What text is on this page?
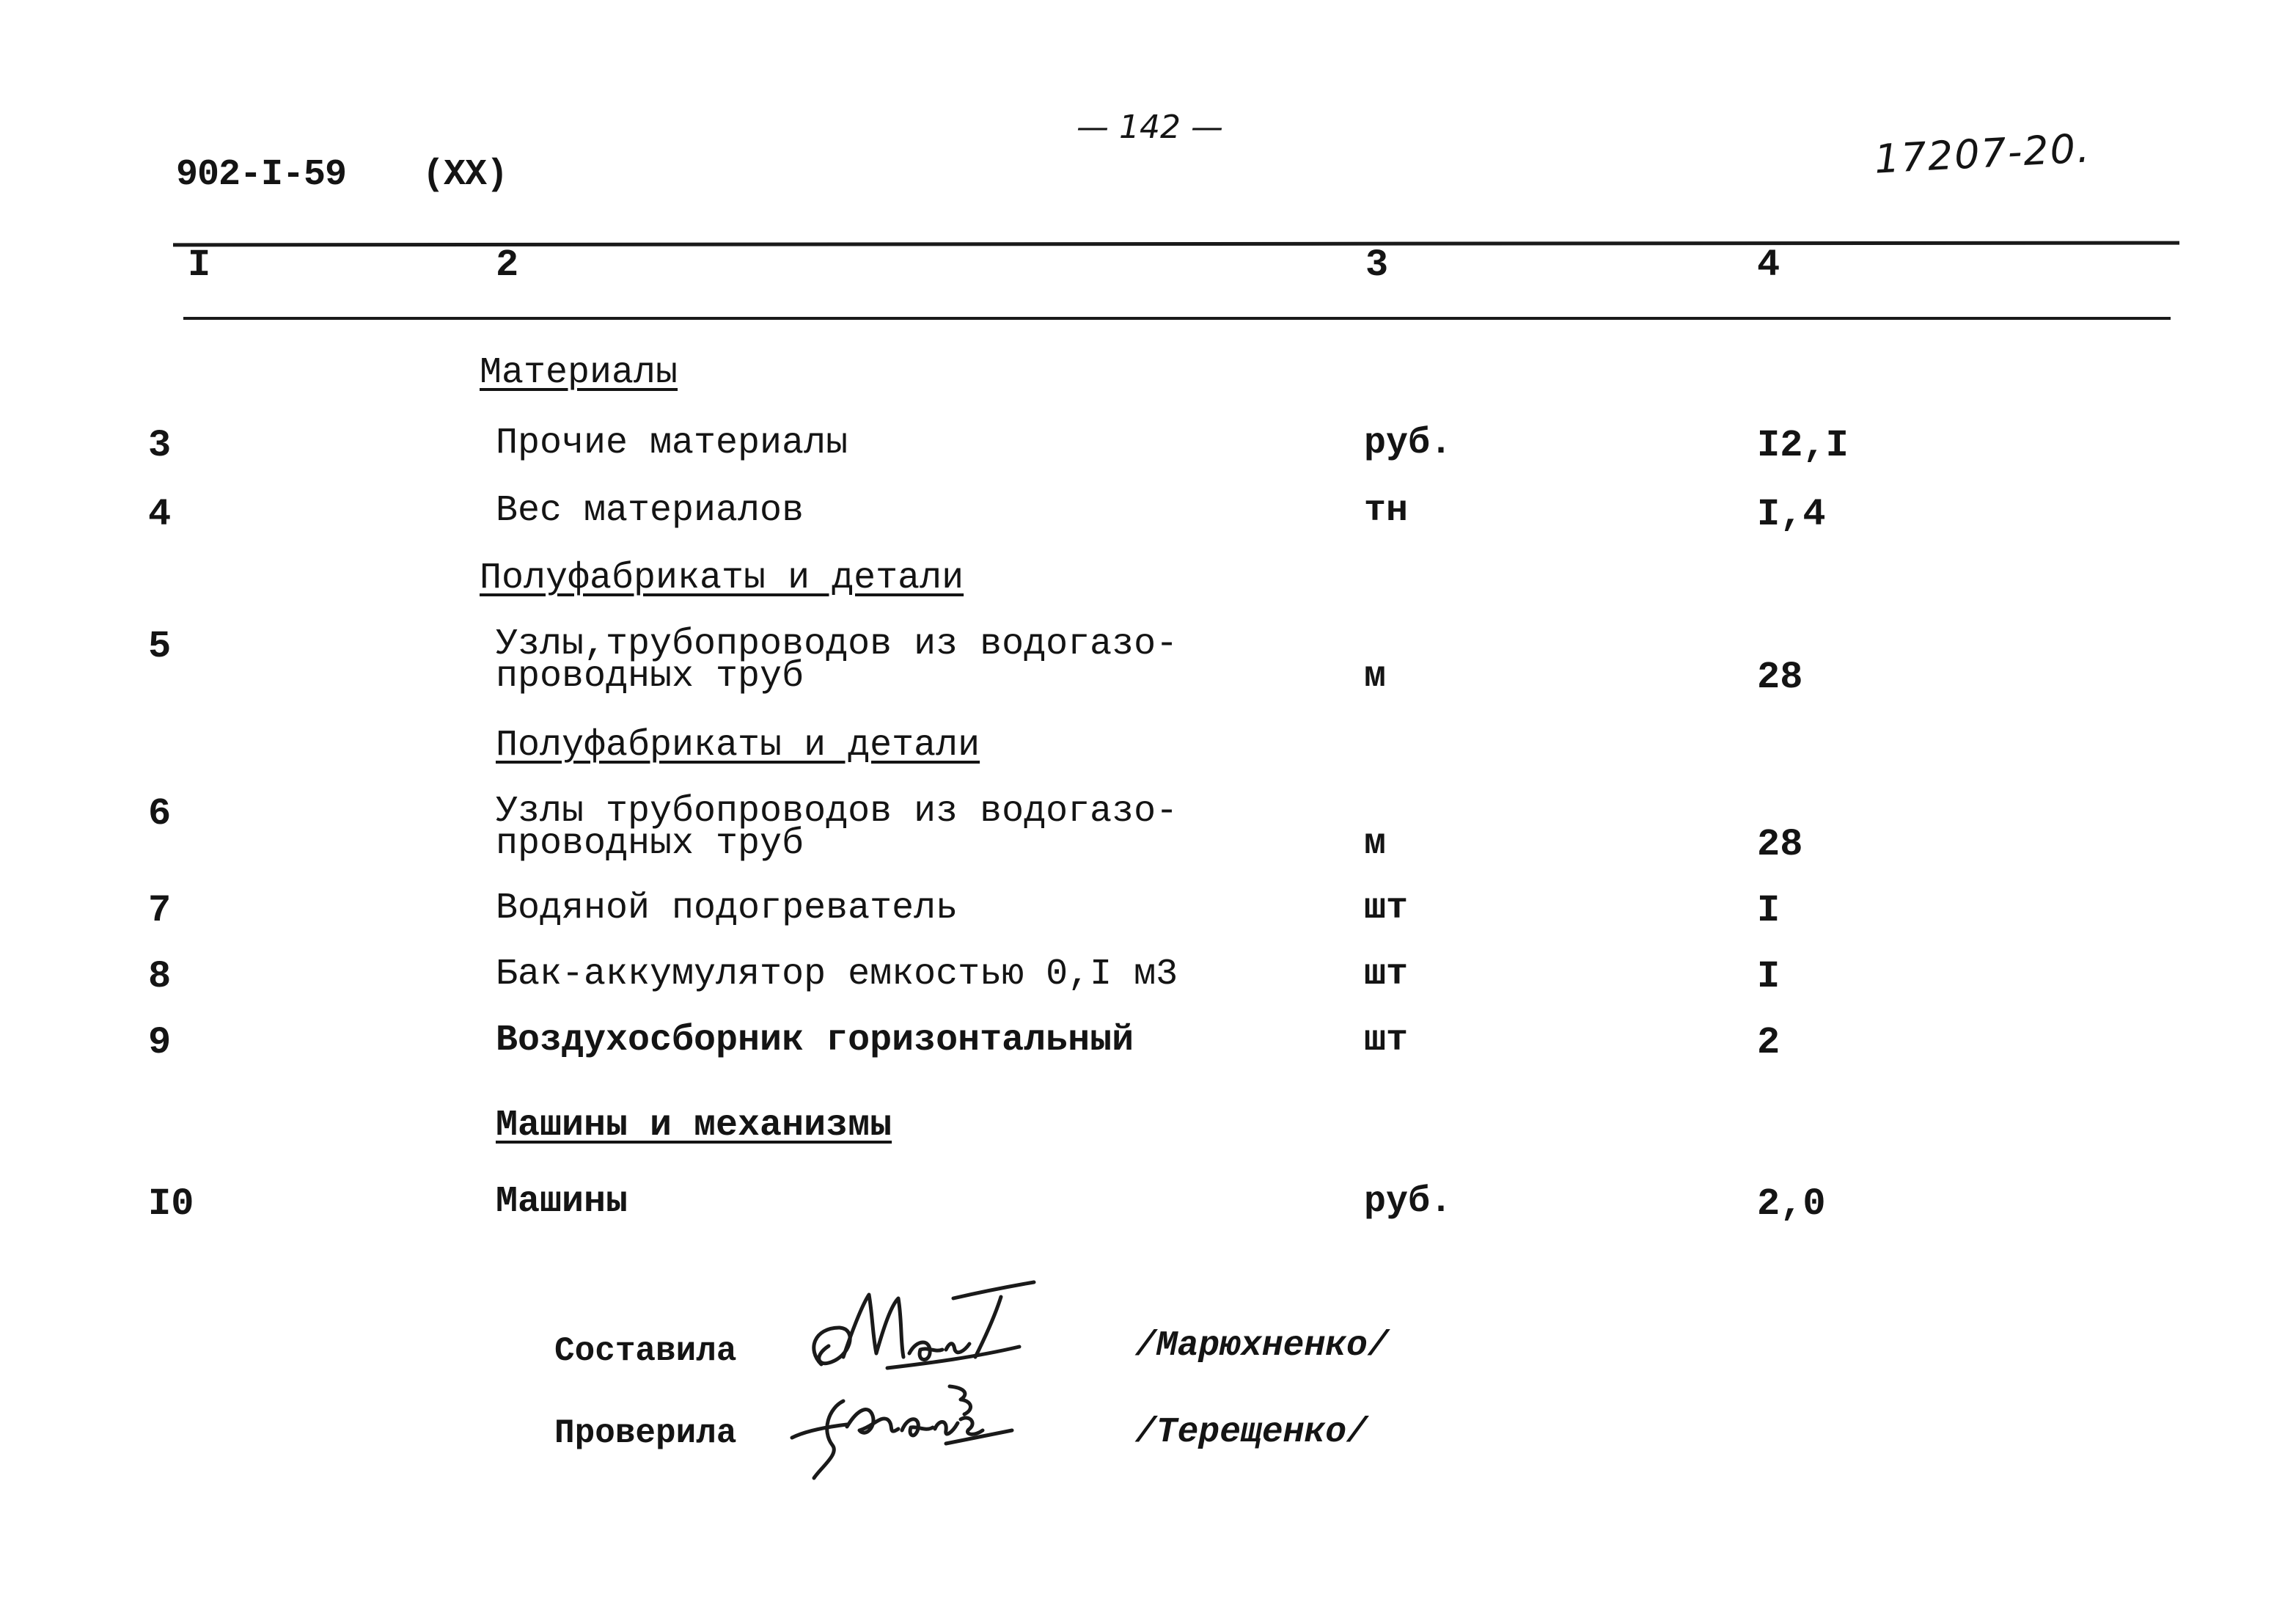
902-I-59 (XX)
— 142 —	17207-20.
I	2	3	4
Материалы
3	Прочие материалы	руб.	I2,I
4	Вес материалов	тн	I,4
Полуфабрикаты и детали
5	Узлы,трубопроводов из водогазо-
проводных труб	м	28
Полуфабрикаты и детали
6	Узлы трубопроводов из водогазо-
проводных труб	м	28
7	Водяной подогреватель	шт	I
8	Бак-аккумулятор емкостью 0,I м3	шт	I
9	Воздухосборник горизонтальный	шт	2
Машины и механизмы
I0	Машины	руб.	2,0
Составила	/Марюхненко/
Проверила	/Терещенко/
